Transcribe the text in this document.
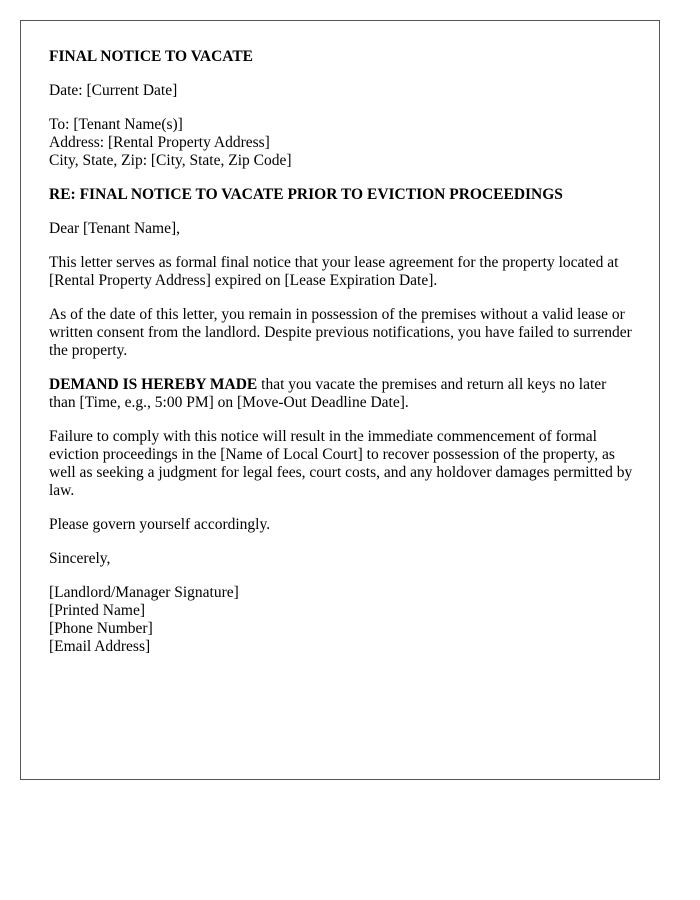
FINAL NOTICE TO VACATE

Date: [Current Date]

To: [Tenant Name(s)]
Address: [Rental Property Address]
City, State, Zip: [City, State, Zip Code]

RE: FINAL NOTICE TO VACATE PRIOR TO EVICTION PROCEEDINGS

Dear [Tenant Name],

This letter serves as formal final notice that your lease agreement for the property located at [Rental Property Address] expired on [Lease Expiration Date].

As of the date of this letter, you remain in possession of the premises without a valid lease or written consent from the landlord. Despite previous notifications, you have failed to surrender the property.

DEMAND IS HEREBY MADE that you vacate the premises and return all keys no later than [Time, e.g., 5:00 PM] on [Move-Out Deadline Date].

Failure to comply with this notice will result in the immediate commencement of formal eviction proceedings in the [Name of Local Court] to recover possession of the property, as well as seeking a judgment for legal fees, court costs, and any holdover damages permitted by law.

Please govern yourself accordingly.

Sincerely,

[Landlord/Manager Signature]
[Printed Name]
[Phone Number]
[Email Address]
